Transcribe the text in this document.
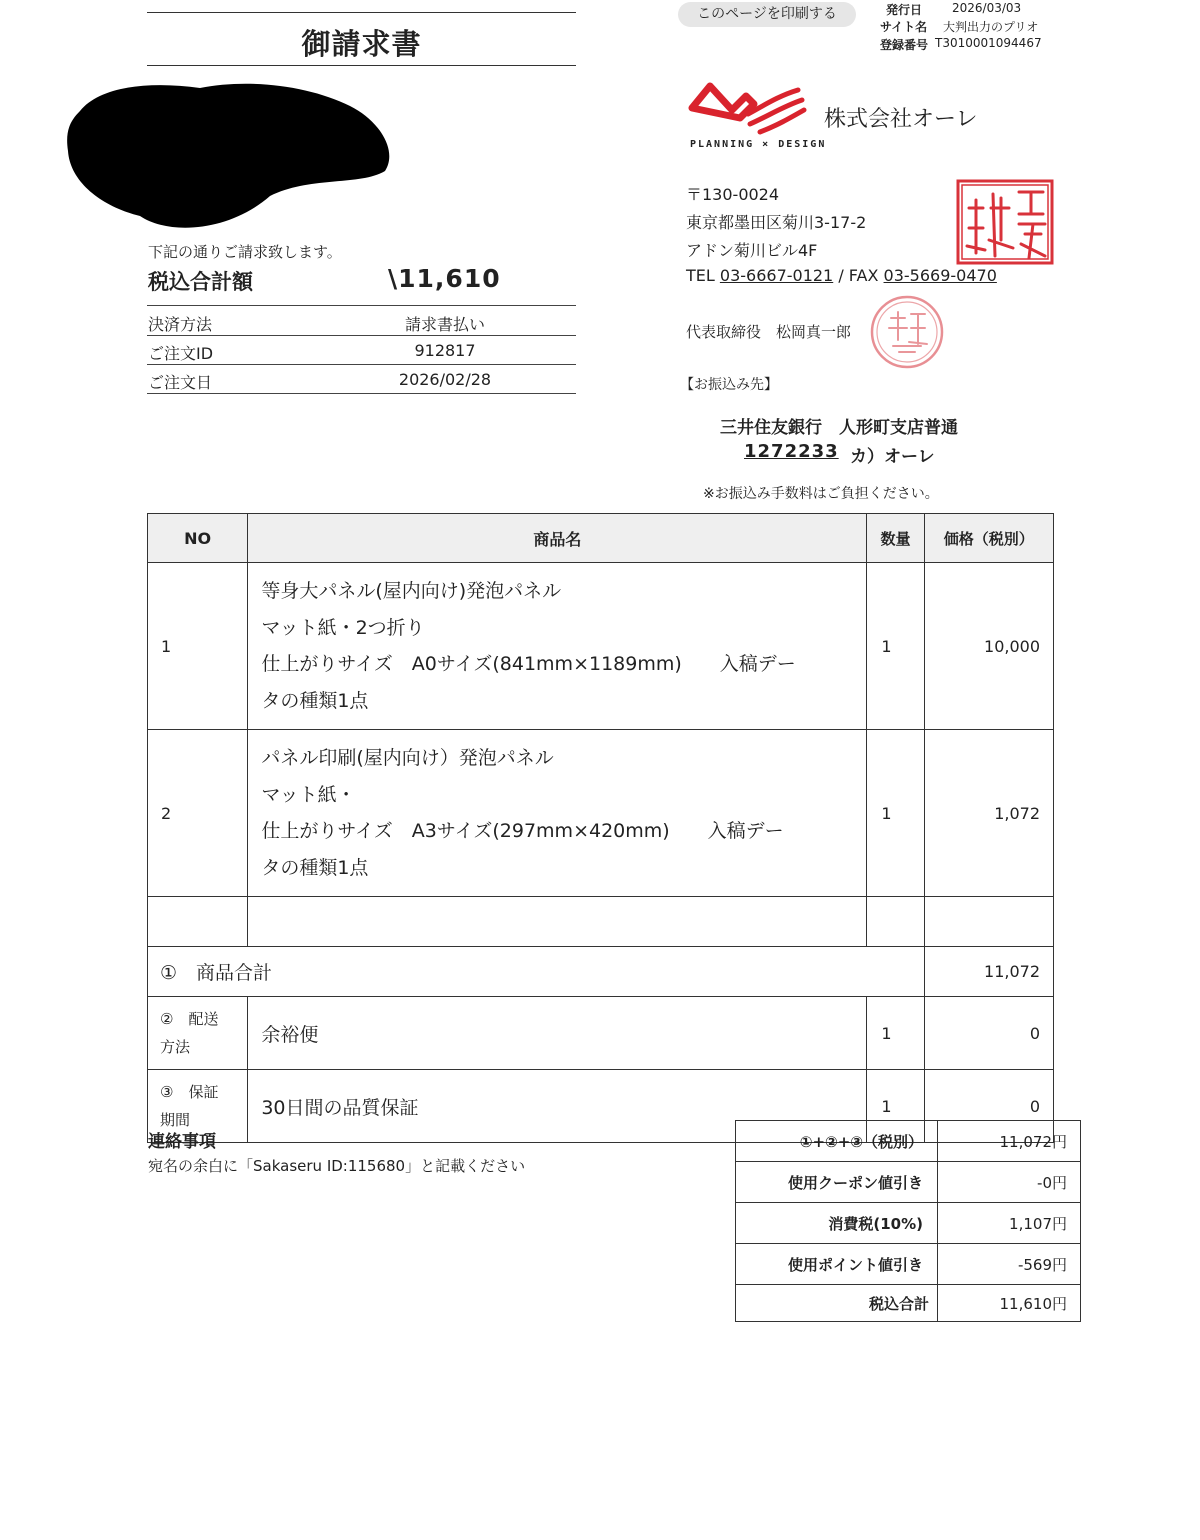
御請求書
下記の通りご請求致します。
税込合計額	\11,610
決済方法	請求書払い
ご注文ID	912817
ご注文日	2026/02/28
このページを印刷する	発行日 2026/03/03
サイト名 大判出力のプリオ
登録番号 T3010001094467
PLANNING × DESIGN
株式会社オーレ
〒130-0024
東京都墨田区菊川3-17-2
アドン菊川ビル4F
TEL 03-6667-0121 / FAX 03-5669-0470
代表取締役　松岡真一郎
【お振込み先】
三井住友銀行　人形町支店普通
1272233 カ）オーレ
※お振込み手数料はご負担ください。
NO	商品名	数量	価格（税別）
1	等身大パネル(屋内向け)発泡パネル
マット紙・2つ折り
仕上がりサイズ　A0サイズ(841mm×1189mm)　　入稿デー
タの種類1点	1	10,000
2	パネル印刷(屋内向け）発泡パネル
マット紙・
仕上がりサイズ　A3サイズ(297mm×420mm)　　入稿デー
タの種類1点	1	1,072

①　商品合計			11,072

②　配送
方法	余裕便	1	0

③　保証
期間	30日間の品質保証	1	0
連絡事項
宛名の余白に「Sakaseru ID:115680」と記載ください
①+②+③（税別）	11,072円
使用クーポン値引き	-0円
消費税(10%)	1,107円
使用ポイント値引き	-569円
税込合計	11,610円
